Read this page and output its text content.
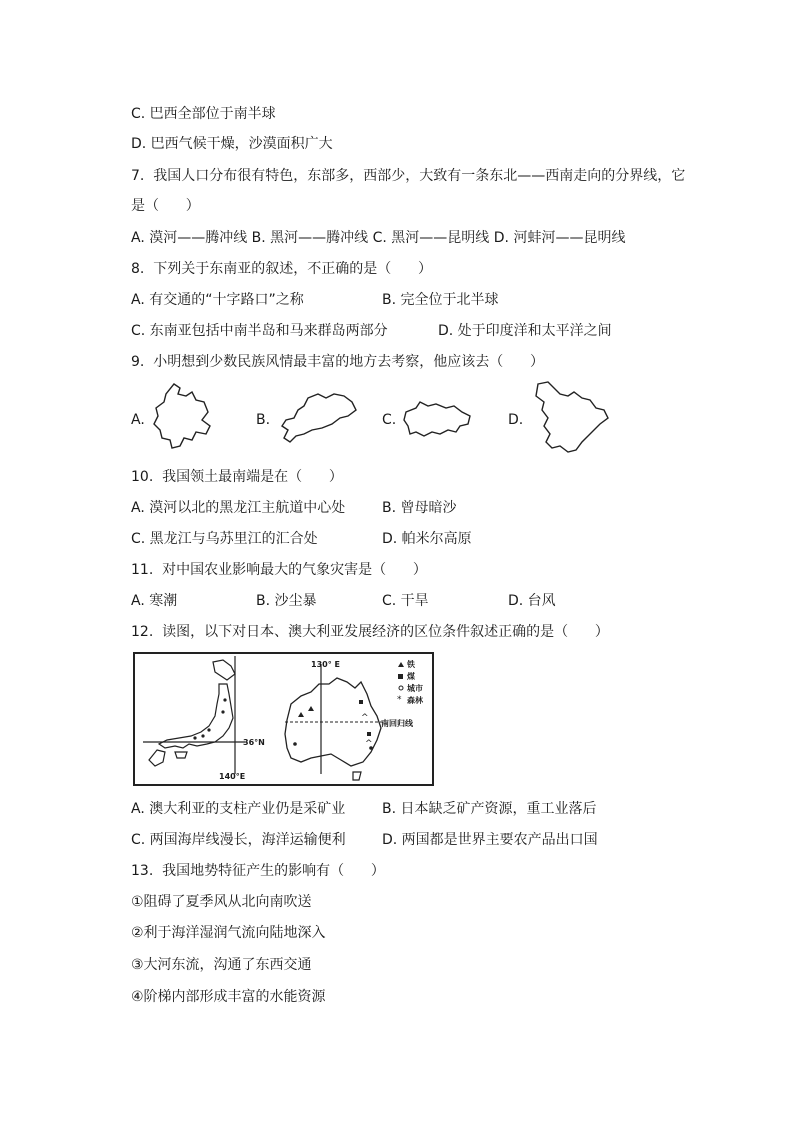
C. 巴西全部位于南半球
D. 巴西气候干燥，沙漠面积广大
7.  我国人口分布很有特色，东部多，西部少，大致有一条东北——西南走向的分界线，它
是（      ）
A. 漠河——腾冲线 B. 黑河——腾冲线 C. 黑河——昆明线 D. 河蚌河——昆明线
8.  下列关于东南亚的叙述，不正确的是（      ）
A. 有交通的“十字路口”之称	B. 完全位于北半球
C. 东南亚包括中南半岛和马来群岛两部分	D. 处于印度洋和太平洋之间
9.  小明想到少数民族风情最丰富的地方去考察，他应该去（      ）
A.	B.	C.	D.
10.  我国领土最南端是在（      ）
A. 漠河以北的黑龙江主航道中心处	B. 曾母暗沙
C. 黑龙江与乌苏里江的汇合处	D. 帕米尔高原
11.  对中国农业影响最大的气象灾害是（      ）
A. 寒潮	B. 沙尘暴	C. 干旱	D. 台风
12.  读图，以下对日本、澳大利亚发展经济的区位条件叙述正确的是（      ）
^
^
*
130° E
36°N
140°E
南回归线
铁
煤
城市
森林
A. 澳大利亚的支柱产业仍是采矿业	B. 日本缺乏矿产资源，重工业落后
C. 两国海岸线漫长，海洋运输便利	D. 两国都是世界主要农产品出口国
13.  我国地势特征产生的影响有（      ）
①阻碍了夏季风从北向南吹送
②利于海洋湿润气流向陆地深入
③大河东流，沟通了东西交通
④阶梯内部形成丰富的水能资源
